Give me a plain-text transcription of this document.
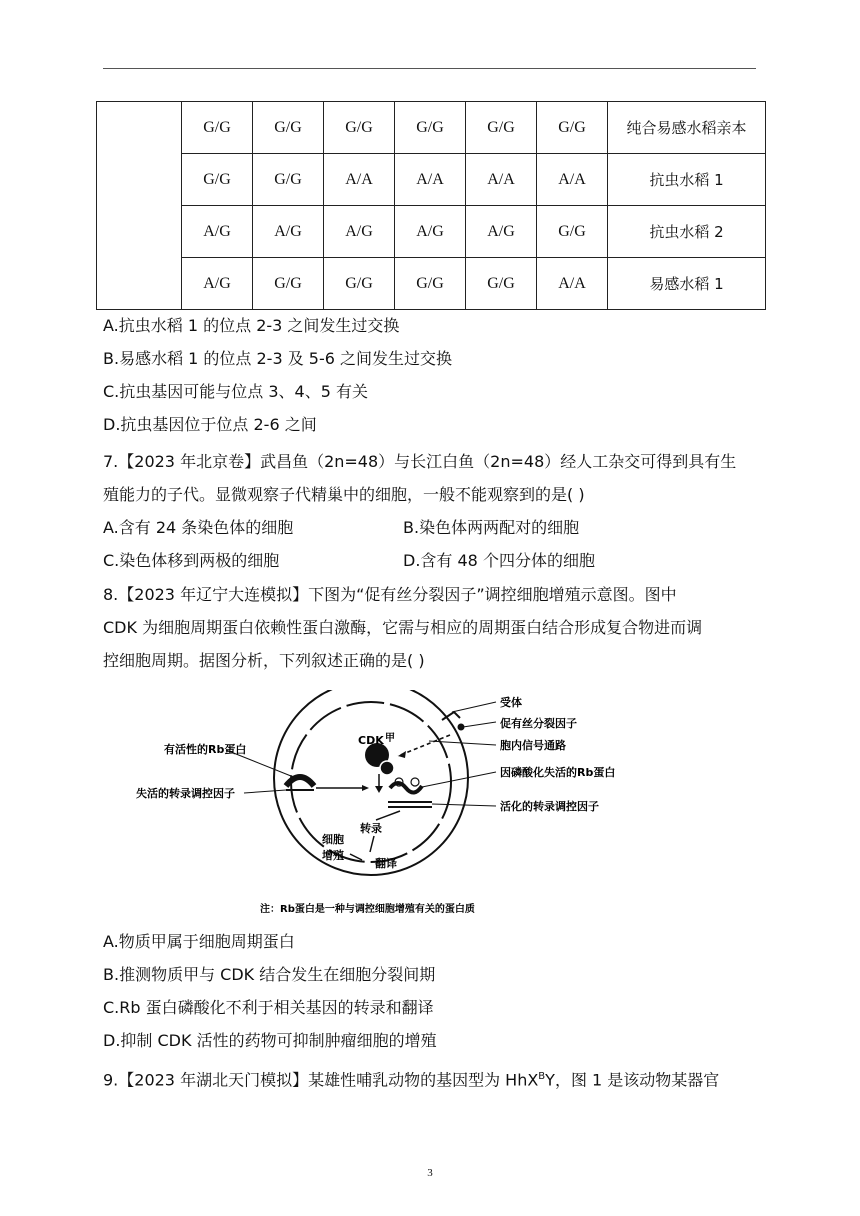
	G/G	G/G	G/G	G/G	G/G	G/G	纯合易感水稻亲本
	G/G	G/G	A/A	A/A	A/A	A/A	抗虫水稻 1
	A/G	A/G	A/G	A/G	A/G	G/G	抗虫水稻 2
	A/G	G/G	G/G	G/G	G/G	A/A	易感水稻 1
A.抗虫水稻 1 的位点 2-3 之间发生过交换
B.易感水稻 1 的位点 2-3 及 5-6 之间发生过交换
C.抗虫基因可能与位点 3、4、5 有关
D.抗虫基因位于位点 2-6 之间
7.【2023 年北京卷】武昌鱼（2n=48）与长江白鱼（2n=48）经人工杂交可得到具有生
殖能力的子代。显微观察子代精巢中的细胞，一般不能观察到的是( )
A.含有 24 条染色体的细胞	B.染色体两两配对的细胞
C.染色体移到两极的细胞	D.含有 48 个四分体的细胞
8.【2023 年辽宁大连模拟】下图为“促有丝分裂因子”调控细胞增殖示意图。图中
CDK 为细胞周期蛋白依赖性蛋白激酶，它需与相应的周期蛋白结合形成复合物进而调
控细胞周期。据图分析，下列叙述正确的是( )
CDK 甲
转录
翻译
细胞
增殖
受体
促有丝分裂因子
胞内信号通路
因磷酸化失活的Rb蛋白
活化的转录调控因子
有活性的Rb蛋白
失活的转录调控因子
注：Rb蛋白是一种与调控细胞增殖有关的蛋白质
A.物质甲属于细胞周期蛋白
B.推测物质甲与 CDK 结合发生在细胞分裂间期
C.Rb 蛋白磷酸化不利于相关基因的转录和翻译
D.抑制 CDK 活性的药物可抑制肿瘤细胞的增殖
9.【2023 年湖北天门模拟】某雄性哺乳动物的基因型为 HhX$^B$Y，图 1 是该动物某器官
3
